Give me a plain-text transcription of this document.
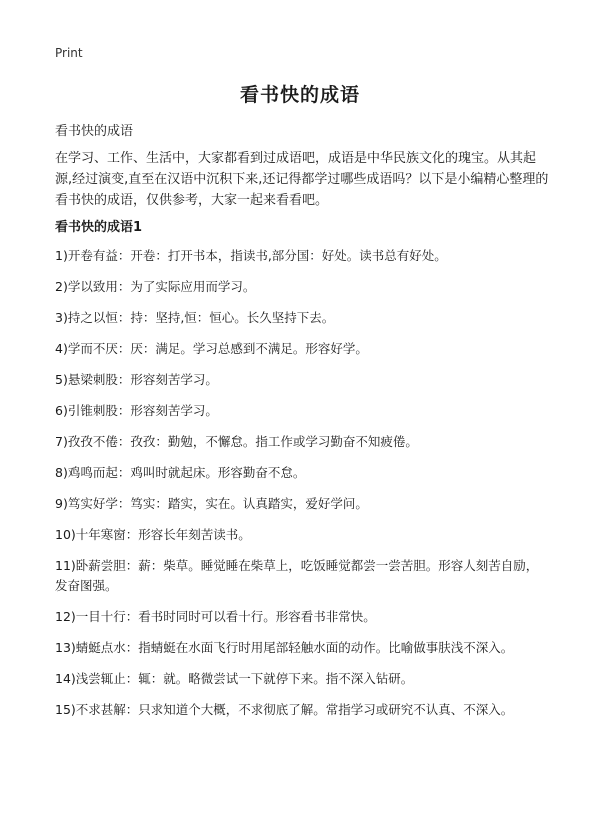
Print
看书快的成语

看书快的成语

在学习、工作、生活中，大家都看到过成语吧，成语是中华民族文化的瑰宝。从其起源,经过演变,直至在汉语中沉积下来,还记得都学过哪些成语吗？以下是小编精心整理的看书快的成语，仅供参考，大家一起来看看吧。

看书快的成语1
1)开卷有益：开卷：打开书本，指读书,部分国：好处。读书总有好处。
2)学以致用：为了实际应用而学习。
3)持之以恒：持：坚持,恒：恒心。长久坚持下去。
4)学而不厌：厌：满足。学习总感到不满足。形容好学。
5)悬梁刺股：形容刻苦学习。
6)引锥刺股：形容刻苦学习。
7)孜孜不倦：孜孜：勤勉，不懈怠。指工作或学习勤奋不知疲倦。
8)鸡鸣而起：鸡叫时就起床。形容勤奋不怠。
9)笃实好学：笃实：踏实，实在。认真踏实，爱好学问。
10)十年寒窗：形容长年刻苦读书。
11)卧薪尝胆：薪：柴草。睡觉睡在柴草上，吃饭睡觉都尝一尝苦胆。形容人刻苦自励，发奋图强。
12)一目十行：看书时同时可以看十行。形容看书非常快。
13)蜻蜓点水：指蜻蜓在水面飞行时用尾部轻触水面的动作。比喻做事肤浅不深入。
14)浅尝辄止：辄：就。略微尝试一下就停下来。指不深入钻研。
15)不求甚解：只求知道个大概，不求彻底了解。常指学习或研究不认真、不深入。
